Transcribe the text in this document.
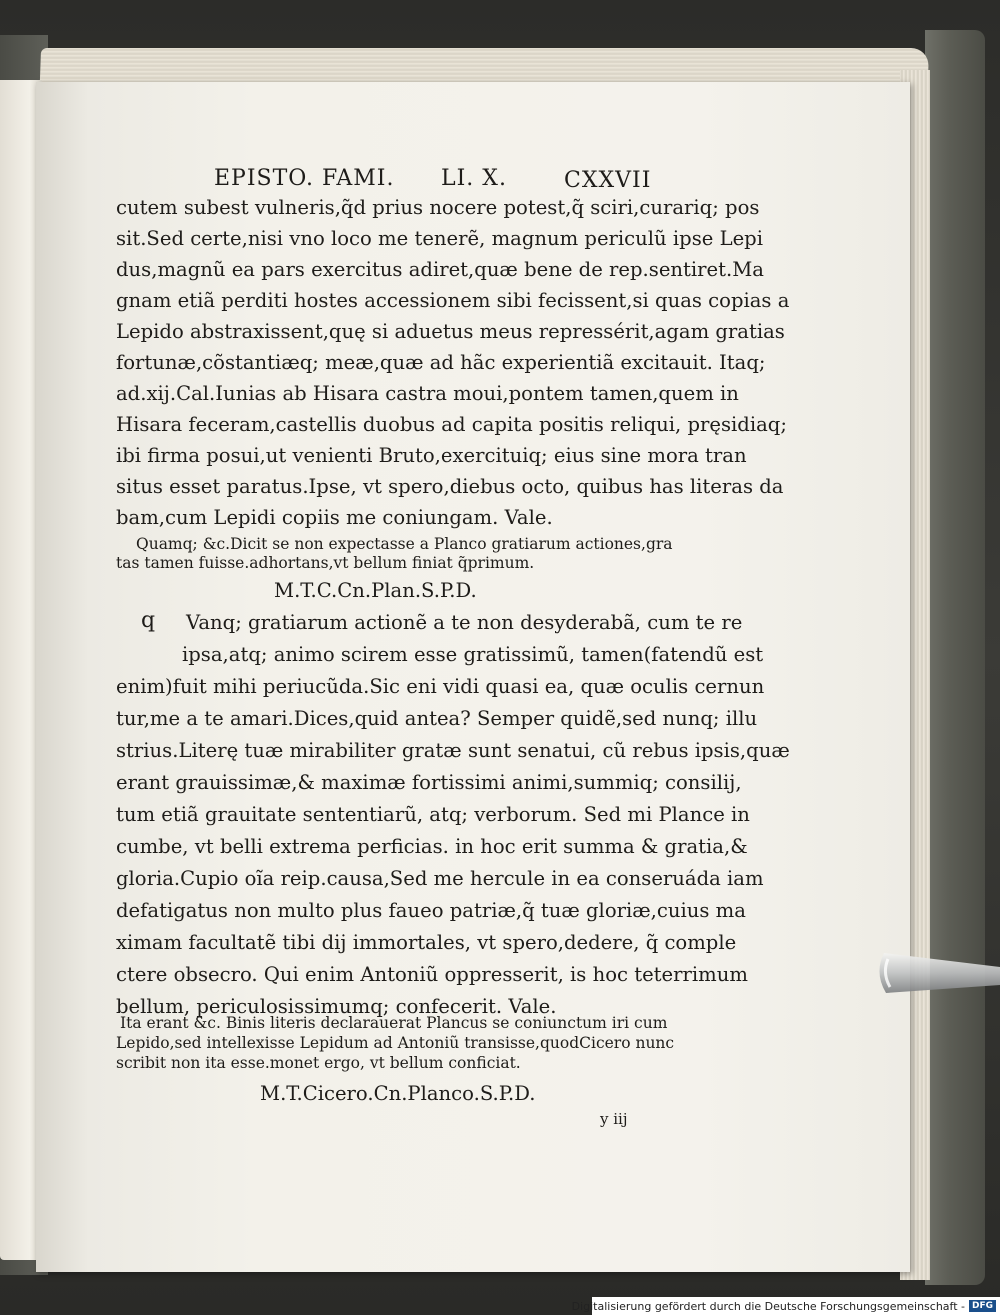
EPISTO. FAMI. LI. X.	CXXVII
cutem subest vulneris,q̃d prius nocere potest,q̃ sciri,curariq; pos
sit.Sed certe,nisi vno loco me tenerẽ, magnum periculũ ipse Lepi
dus,magnũ ea pars exercitus adiret,quæ bene de rep.sentiret.Ma
gnam etiã perditi hostes accessionem sibi fecissent,si quas copias a
Lepido abstraxissent,quę si aduetus meus repressérit,agam gratias
fortunæ,cõstantiæq; meæ,quæ ad hãc experientiã excitauit. Itaq;
ad.xij.Cal.Iunias ab Hisara castra moui,pontem tamen,quem in
Hisara feceram,castellis duobus ad capita positis reliqui, pręsidiaq;
ibi firma posui,ut venienti Bruto,exercituiq; eius sine mora tran
situs esset paratus.Ipse, vt spero,diebus octo, quibus has literas da
bam,cum Lepidi copiis me coniungam. Vale.
Quamq; &c.Dicit se non expectasse a Planco gratiarum actiones,gra
tas tamen fuisse.adhortans,vt bellum finiat q̃primum.
M.T.C.Cn.Plan.S.P.D.
q Vanq; gratiarum actionẽ a te non desyderabã, cum te re
ipsa,atq; animo scirem esse gratissimũ, tamen(fatendũ est
enim)fuit mihi periucũda.Sic eni vidi quasi ea, quæ oculis cernun
tur,me a te amari.Dices,quid antea? Semper quidẽ,sed nunq; illu
strius.Literę tuæ mirabiliter gratæ sunt senatui, cũ rebus ipsis,quæ
erant grauissimæ,& maximæ fortissimi animi,summiq; consilij,
tum etiã grauitate sententiarũ, atq; verborum. Sed mi Plance in
cumbe, vt belli extrema perficias. in hoc erit summa & gratia,&
gloria.Cupio oĩa reip.causa,Sed me hercule in ea conseruáda iam
defatigatus non multo plus faueo patriæ,q̃ tuæ gloriæ,cuius ma
ximam facultatẽ tibi dij immortales, vt spero,dedere, q̃ comple
ctere obsecro. Qui enim Antoniũ oppresserit, is hoc teterrimum
bellum, periculosissimumq; confecerit. Vale.
Ita erant &c. Binis literis declarauerat Plancus se coniunctum iri cum
Lepido,sed intellexisse Lepidum ad Antoniũ transisse,quodCicero nunc
scribit non ita esse.monet ergo, vt bellum conficiat.
M.T.Cicero.Cn.Planco.S.P.D.
y iij
Digitalisierung gefördert durch die Deutsche Forschungsgemeinschaft - DFG
